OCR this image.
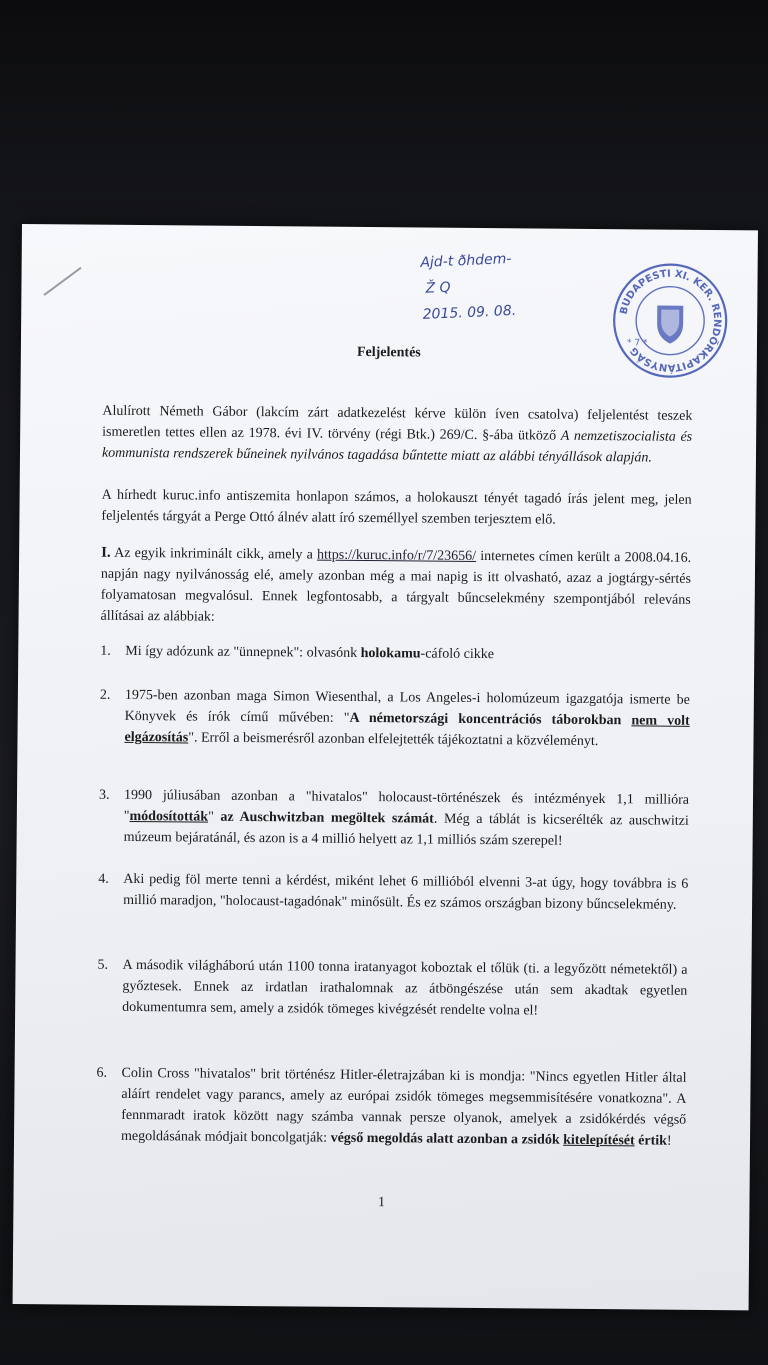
Ajd-t ðhdem-
Ž Q
2015. 09. 08.	BUDAPESTI XI. KER. RENDŐRKAPITÁNYSÁG
* 7 *
Feljelentés

Alulírott Németh Gábor (lakcím zárt adatkezelést kérve külön íven csatolva) feljelentést teszek ismeretlen tettes ellen az 1978. évi IV. törvény (régi Btk.) 269/C. §-ába ütköző A nemzetiszocialista és kommunista rendszerek bűneinek nyilvános tagadása bűntette miatt az alábbi tényállások alapján.

A hírhedt kuruc.info antiszemita honlapon számos, a holokauszt tényét tagadó írás jelent meg, jelen feljelentés tárgyát a Perge Ottó álnév alatt író személlyel szemben terjesztem elő.

I. Az egyik inkriminált cikk, amely a https://kuruc.info/r/7/23656/ internetes címen került a 2008.04.16. napján nagy nyilvánosság elé, amely azonban még a mai napig is itt olvasható, azaz a jogtárgy-sértés folyamatosan megvalósul. Ennek legfontosabb, a tárgyalt bűncselekmény szempontjából releváns állításai az alábbiak:

1. Mi így adózunk az "ünnepnek": olvasónk holokamu-cáfoló cikke
2. 1975-ben azonban maga Simon Wiesenthal, a Los Angeles-i holomúzeum igazgatója ismerte be Könyvek és írók című művében: "A németországi koncentrációs táborokban nem volt elgázosítás". Erről a beismerésről azonban elfelejtették tájékoztatni a közvéleményt.
3. 1990 júliusában azonban a "hivatalos" holocaust-történészek és intézmények 1,1 millióra "módosították" az Auschwitzban megöltek számát. Még a táblát is kicserélték az auschwitzi múzeum bejáratánál, és azon is a 4 millió helyett az 1,1 milliós szám szerepel!
4. Aki pedig föl merte tenni a kérdést, miként lehet 6 millióból elvenni 3-at úgy, hogy továbbra is 6 millió maradjon, "holocaust-tagadónak" minősült. És ez számos országban bizony bűncselekmény.
5. A második világháború után 1100 tonna iratanyagot koboztak el tőlük (ti. a legyőzött németektől) a győztesek. Ennek az irdatlan irathalomnak az átböngészése után sem akadtak egyetlen dokumentumra sem, amely a zsidók tömeges kivégzését rendelte volna el!
6. Colin Cross "hivatalos" brit történész Hitler-életrajzában ki is mondja: "Nincs egyetlen Hitler által aláírt rendelet vagy parancs, amely az európai zsidók tömeges megsemmisítésére vonatkozna". A fennmaradt iratok között nagy számba vannak persze olyanok, amelyek a zsidókérdés végső megoldásának módjait boncolgatják: végső megoldás alatt azonban a zsidók kitelepítését értik!
1
